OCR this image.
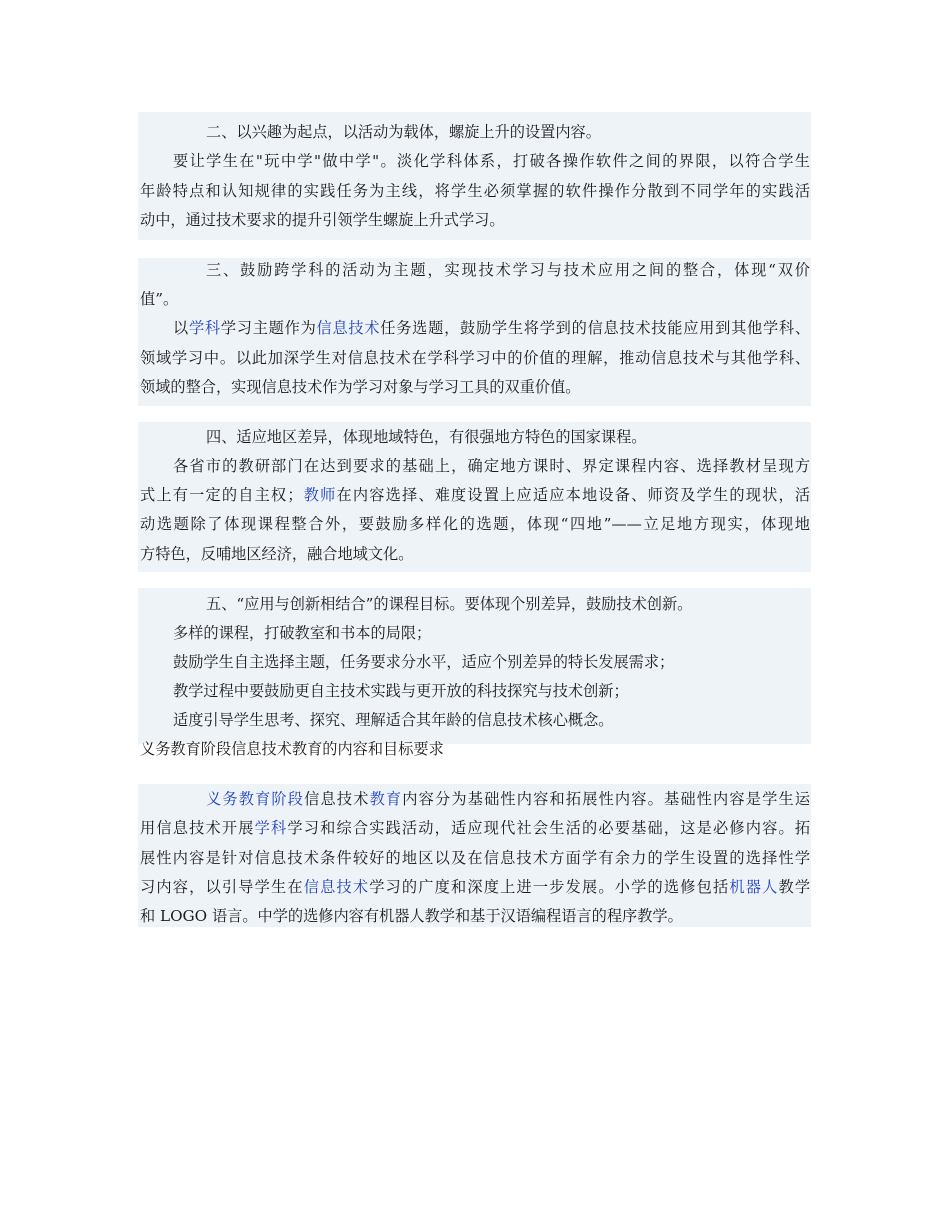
二、以兴趣为起点，以活动为载体，螺旋上升的设置内容。
要让学生在"玩中学"做中学"。淡化学科体系，打破各操作软件之间的界限，以符合学生
年龄特点和认知规律的实践任务为主线，将学生必须掌握的软件操作分散到不同学年的实践活
动中，通过技术要求的提升引领学生螺旋上升式学习。
三、鼓励跨学科的活动为主题，实现技术学习与技术应用之间的整合，体现“双价
值”。
以学科学习主题作为信息技术任务选题，鼓励学生将学到的信息技术技能应用到其他学科、
领域学习中。以此加深学生对信息技术在学科学习中的价值的理解，推动信息技术与其他学科、
领域的整合，实现信息技术作为学习对象与学习工具的双重价值。
四、适应地区差异，体现地域特色，有很强地方特色的国家课程。
各省市的教研部门在达到要求的基础上，确定地方课时、界定课程内容、选择教材呈现方
式上有一定的自主权；教师在内容选择、难度设置上应适应本地设备、师资及学生的现状，活
动选题除了体现课程整合外，要鼓励多样化的选题，体现“四地”——立足地方现实，体现地
方特色，反哺地区经济，融合地域文化。
五、“应用与创新相结合”的课程目标。要体现个别差异，鼓励技术创新。
多样的课程，打破教室和书本的局限；
鼓励学生自主选择主题，任务要求分水平，适应个别差异的特长发展需求；
教学过程中要鼓励更自主技术实践与更开放的科技探究与技术创新；
适度引导学生思考、探究、理解适合其年龄的信息技术核心概念。
义务教育阶段信息技术教育的内容和目标要求
义务教育阶段信息技术教育内容分为基础性内容和拓展性内容。基础性内容是学生运
用信息技术开展学科学习和综合实践活动，适应现代社会生活的必要基础，这是必修内容。拓
展性内容是针对信息技术条件较好的地区以及在信息技术方面学有余力的学生设置的选择性学
习内容，以引导学生在信息技术学习的广度和深度上进一步发展。小学的选修包括机器人教学
和 LOGO 语言。中学的选修内容有机器人教学和基于汉语编程语言的程序教学。
